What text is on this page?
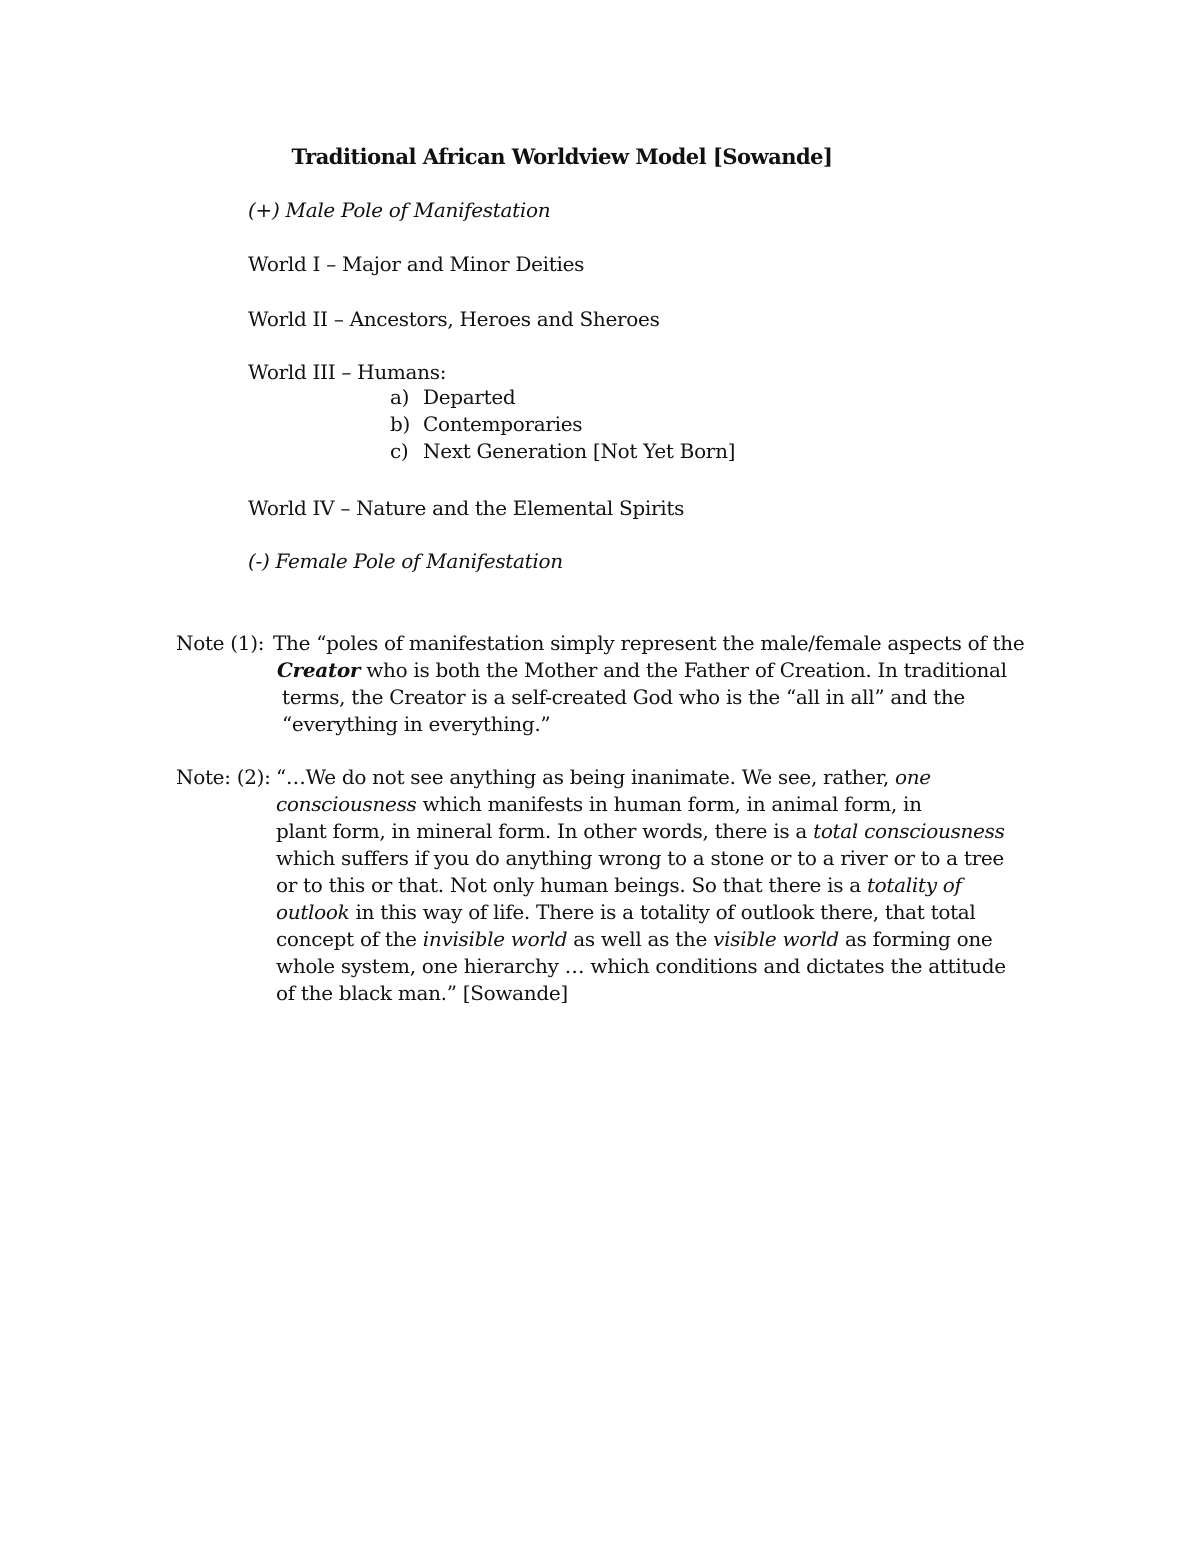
Traditional African Worldview Model [Sowande]

(+) Male Pole of Manifestation

World I – Major and Minor Deities

World II – Ancestors, Heroes and Sheroes

World III – Humans:

a) Departed
b) Contemporaries
c) Next Generation [Not Yet Born]

World IV – Nature and the Elemental Spirits

(-) Female Pole of Manifestation

Note (1): The “poles of manifestation simply represent the male/female aspects of the
Creator who is both the Mother and the Father of Creation. In traditional
terms, the Creator is a self-created God who is the “all in all” and the
“everything in everything.”
Note: (2): “…We do not see anything as being inanimate. We see, rather, one
consciousness which manifests in human form, in animal form, in
plant form, in mineral form. In other words, there is a total consciousness
which suffers if you do anything wrong to a stone or to a river or to a tree
or to this or that. Not only human beings. So that there is a totality of
outlook in this way of life. There is a totality of outlook there, that total
concept of the invisible world as well as the visible world as forming one
whole system, one hierarchy … which conditions and dictates the attitude
of the black man.” [Sowande]
